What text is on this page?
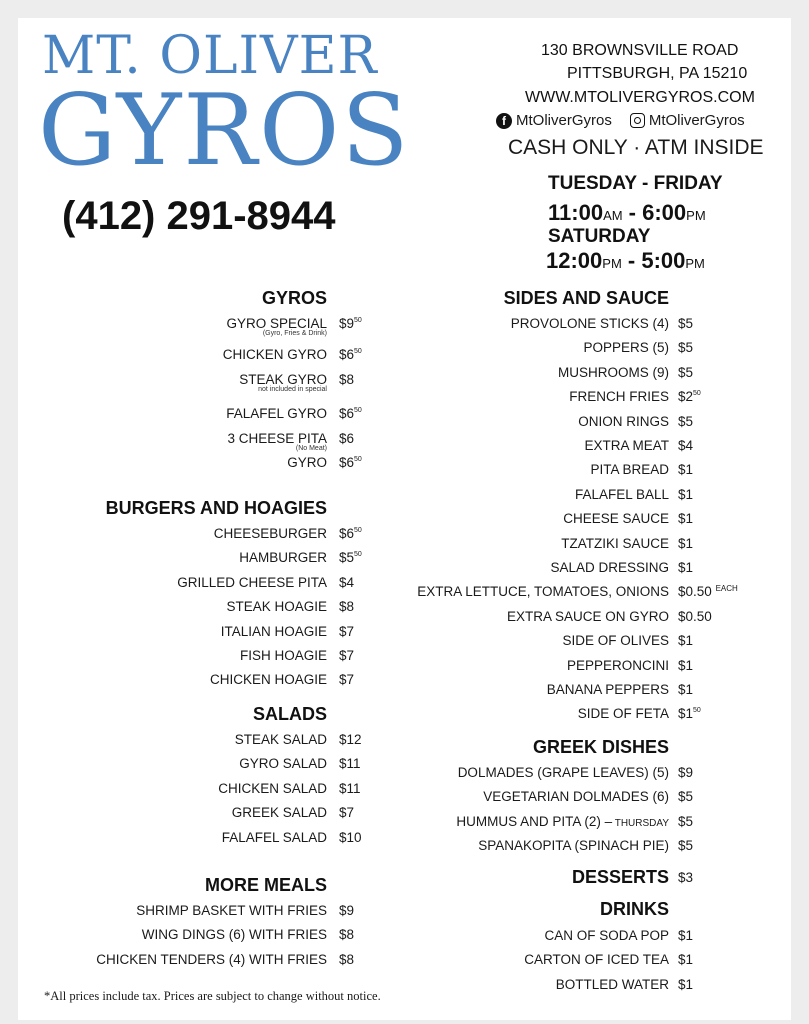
MT. OLIVER
GYROS
(412) 291-8944
130 BROWNSVILLE ROAD
PITTSBURGH, PA 15210
WWW.MTOLIVERGYROS.COM
f MtOliverGyros MtOliverGyros
CASH ONLY · ATM INSIDE
TUESDAY - FRIDAY
11:00AM - 6:00PM
SATURDAY
12:00PM - 5:00PM
GYROS
GYRO SPECIAL
(Gyro, Fries & Drink)
$\$9^{50}$
CHICKEN GYRO $\$6^{50}$
STEAK GYRO
not included in special
$8
FALAFEL GYRO $\$6^{50}$
3 CHEESE PITA
(No Meat)
$6
GYRO $\$6^{50}$
BURGERS AND HOAGIES
CHEESEBURGER $\$6^{50}$
HAMBURGER $\$5^{50}$
GRILLED CHEESE PITA $4
STEAK HOAGIE $8
ITALIAN HOAGIE $7
FISH HOAGIE $7
CHICKEN HOAGIE $7
SALADS
STEAK SALAD $12
GYRO SALAD $11
CHICKEN SALAD $11
GREEK SALAD $7
FALAFEL SALAD $10
MORE MEALS
SHRIMP BASKET WITH FRIES $9
WING DINGS (6) WITH FRIES $8
CHICKEN TENDERS (4) WITH FRIES $8
SIDES AND SAUCE
PROVOLONE STICKS (4) $5
POPPERS (5) $5
MUSHROOMS (9) $5
FRENCH FRIES $\$2^{50}$
ONION RINGS $5
EXTRA MEAT $4
PITA BREAD $1
FALAFEL BALL $1
CHEESE SAUCE $1
TZATZIKI SAUCE $1
SALAD DRESSING $1
EXTRA LETTUCE, TOMATOES, ONIONS $0.50 $^{EACH}$
EXTRA SAUCE ON GYRO $0.50
SIDE OF OLIVES $1
PEPPERONCINI $1
BANANA PEPPERS $1
SIDE OF FETA $\$1^{50}$
GREEK DISHES
DOLMADES (GRAPE LEAVES) (5) $9
VEGETARIAN DOLMADES (6) $5
HUMMUS AND PITA (2) – THURSDAY $5
SPANAKOPITA (SPINACH PIE) $5
DRINKS
CAN OF SODA POP $1
CARTON OF ICED TEA $1
BOTTLED WATER $1
DESSERTS $3
*All prices include tax. Prices are subject to change without notice.
